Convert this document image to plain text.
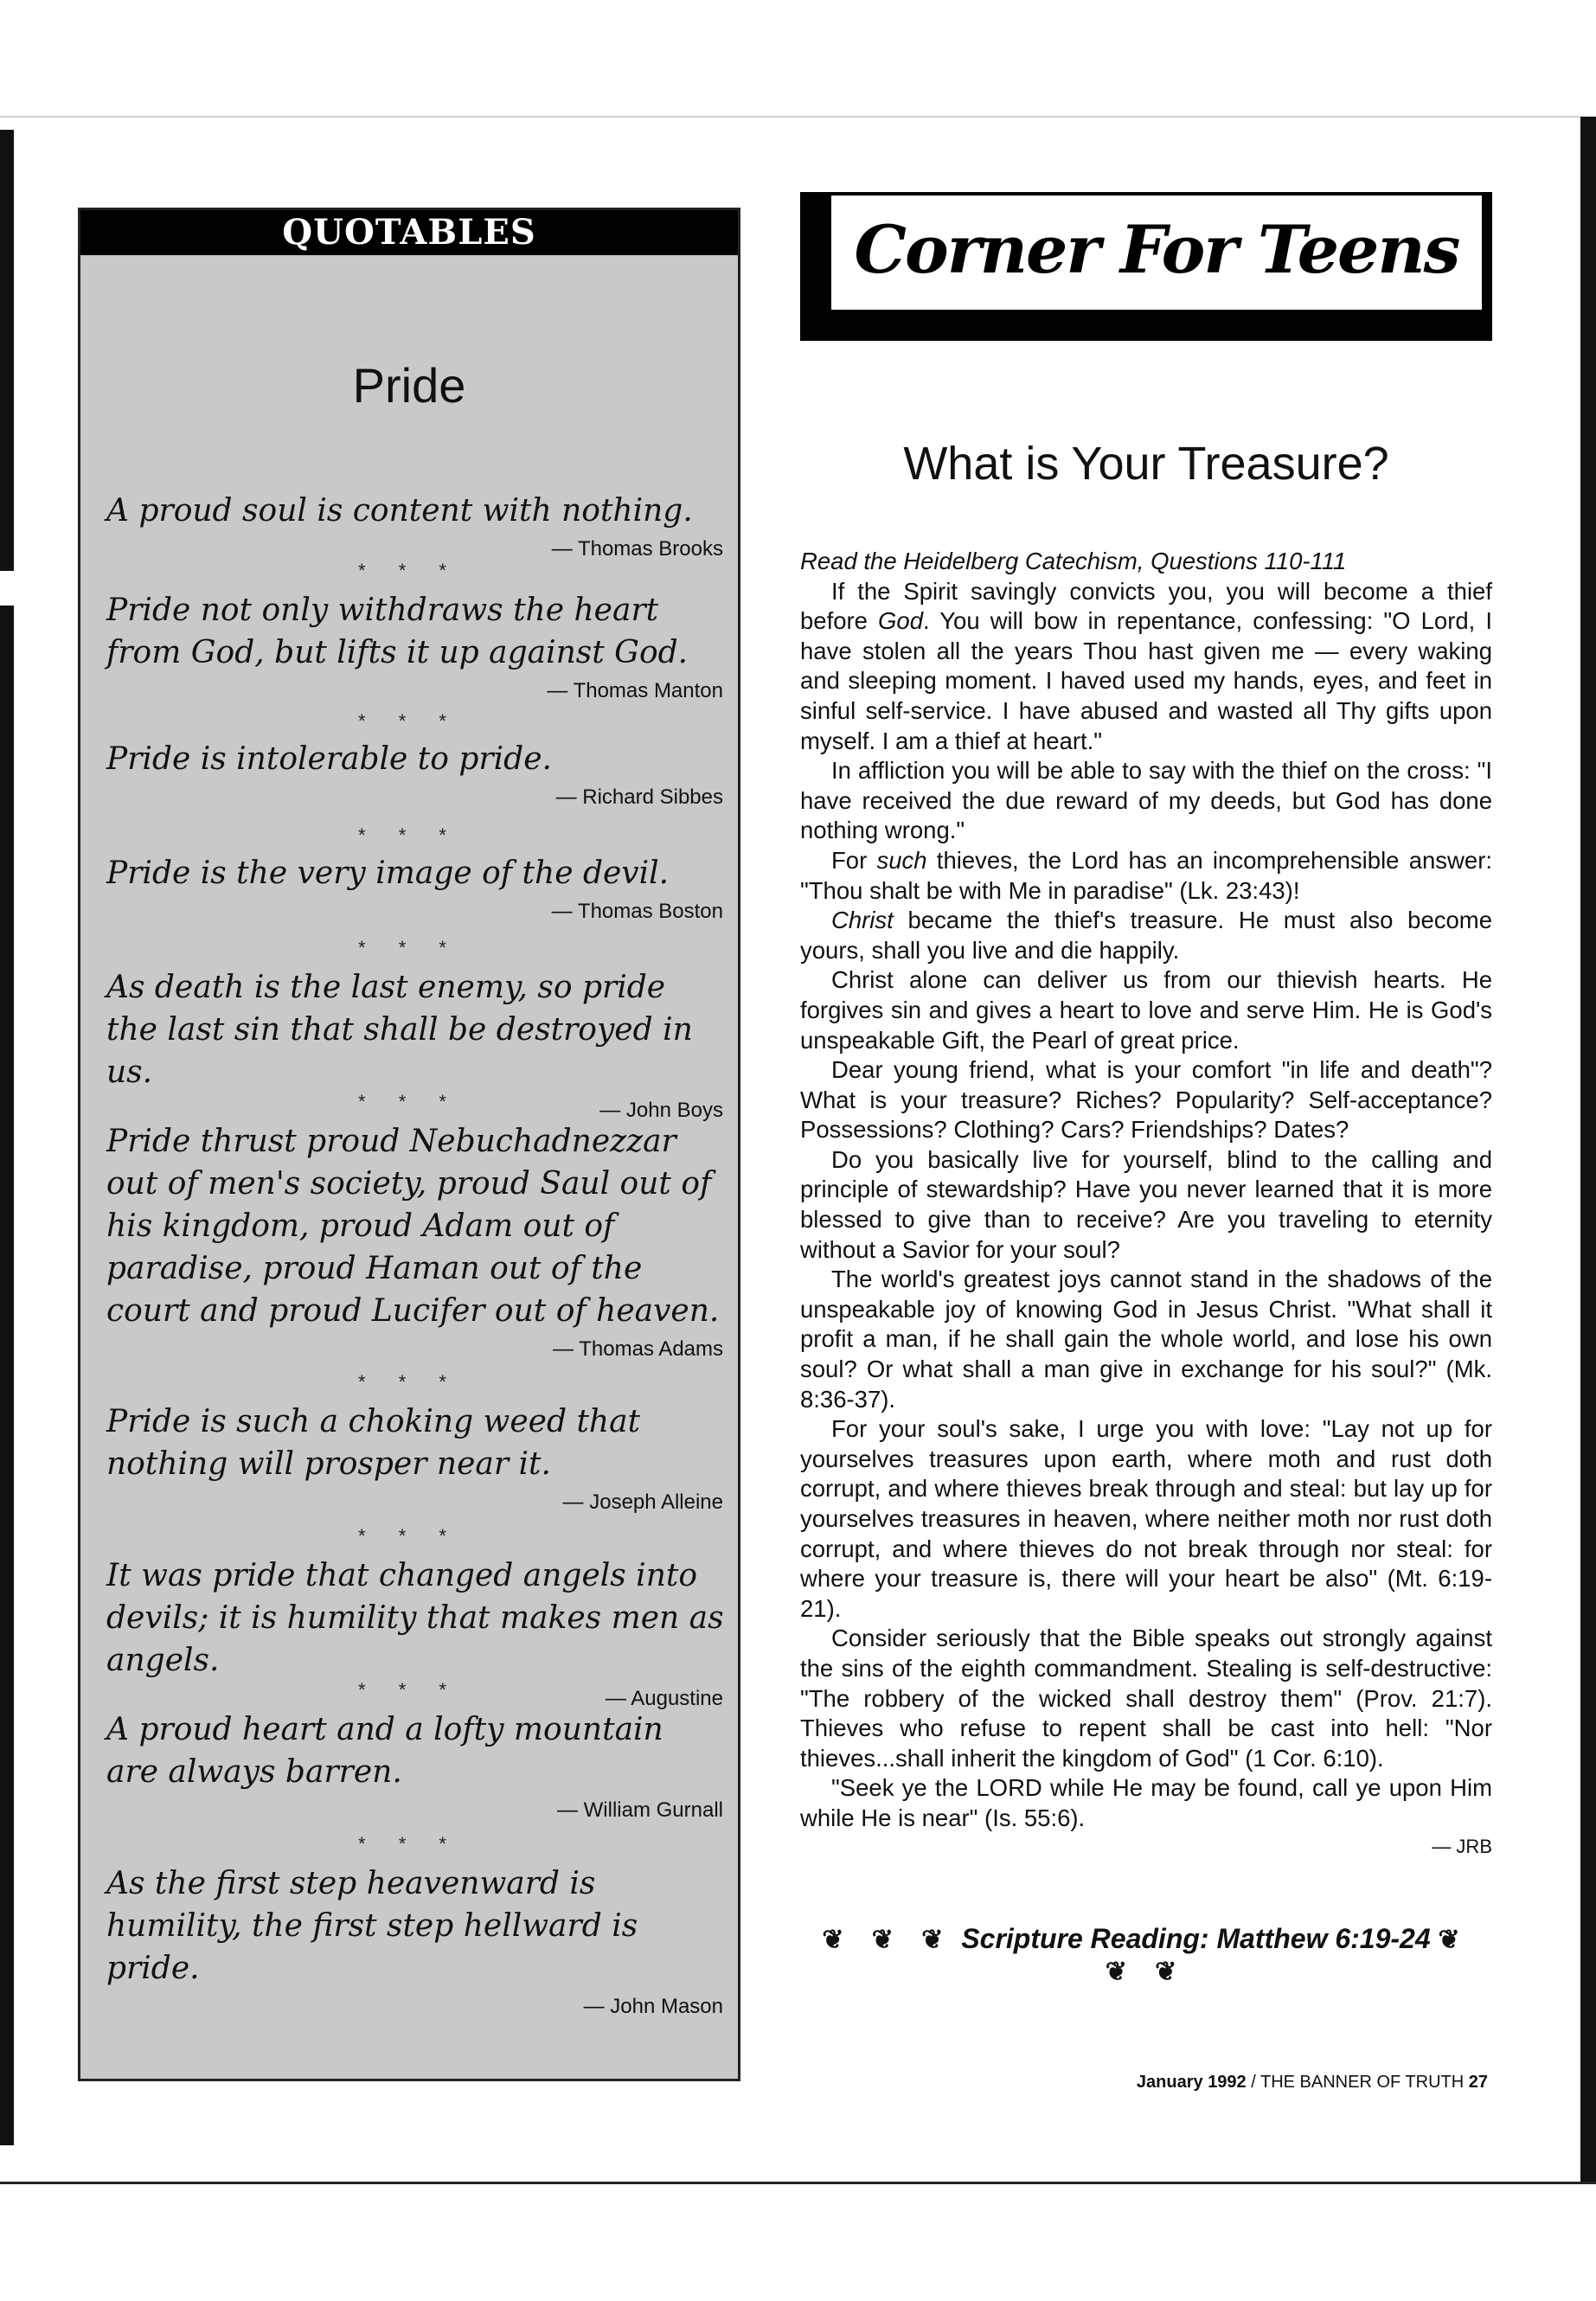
QUOTABLES
Pride
A proud soul is content with nothing.
— Thomas Brooks
* * *
Pride not only withdraws the heart from God, but lifts it up against God.
— Thomas Manton
* * *
Pride is intolerable to pride.
— Richard Sibbes
* * *
Pride is the very image of the devil.
— Thomas Boston
* * *
As death is the last enemy, so pride the last sin that shall be destroyed in us.
— John Boys
* * *
Pride thrust proud Nebuchadnezzar out of men's society, proud Saul out of his kingdom, proud Adam out of paradise, proud Haman out of the court and proud Lucifer out of heaven.
— Thomas Adams
* * *
Pride is such a choking weed that nothing will prosper near it.
— Joseph Alleine
* * *
It was pride that changed angels into devils; it is humility that makes men as angels.
— Augustine
* * *
A proud heart and a lofty mountain are always barren.
— William Gurnall
* * *
As the first step heavenward is humility, the first step hellward is pride.
— John Mason
Corner For Teens
What is Your Treasure?

Read the Heidelberg Catechism, Questions 110-111

If the Spirit savingly convicts you, you will become a thief before God. You will bow in repentance, confessing: "O Lord, I have stolen all the years Thou hast given me — every waking and sleeping moment. I haved used my hands, eyes, and feet in sinful self-service. I have abused and wasted all Thy gifts upon myself. I am a thief at heart."

In affliction you will be able to say with the thief on the cross: "I have received the due reward of my deeds, but God has done nothing wrong."

For such thieves, the Lord has an incomprehensible answer: "Thou shalt be with Me in paradise" (Lk. 23:43)!

Christ became the thief's treasure. He must also become yours, shall you live and die happily.

Christ alone can deliver us from our thievish hearts. He forgives sin and gives a heart to love and serve Him. He is God's unspeakable Gift, the Pearl of great price.

Dear young friend, what is your comfort "in life and death"? What is your treasure? Riches? Popularity? Self-acceptance? Possessions? Clothing? Cars? Friendships? Dates?

Do you basically live for yourself, blind to the calling and principle of stewardship? Have you never learned that it is more blessed to give than to receive? Are you traveling to eternity without a Savior for your soul?

The world's greatest joys cannot stand in the shadows of the unspeakable joy of knowing God in Jesus Christ. "What shall it profit a man, if he shall gain the whole world, and lose his own soul? Or what shall a man give in exchange for his soul?" (Mk. 8:36-37).

For your soul's sake, I urge you with love: "Lay not up for yourselves treasures upon earth, where moth and rust doth corrupt, and where thieves break through and steal: but lay up for yourselves treasures in heaven, where neither moth nor rust doth corrupt, and where thieves do not break through nor steal: for where your treasure is, there will your heart be also" (Mt. 6:19-21).

Consider seriously that the Bible speaks out strongly against the sins of the eighth commandment. Stealing is self-destructive: "The robbery of the wicked shall destroy them" (Prov. 21:7). Thieves who refuse to repent shall be cast into hell: "Nor thieves...shall inherit the kingdom of God" (1 Cor. 6:10).

"Seek ye the LORD while He may be found, call ye upon Him while He is near" (Is. 55:6).

— JRB
❦ ❦ ❦ Scripture Reading: Matthew 6:19-24 ❦ ❦ ❦
January 1992 / THE BANNER OF TRUTH 27
